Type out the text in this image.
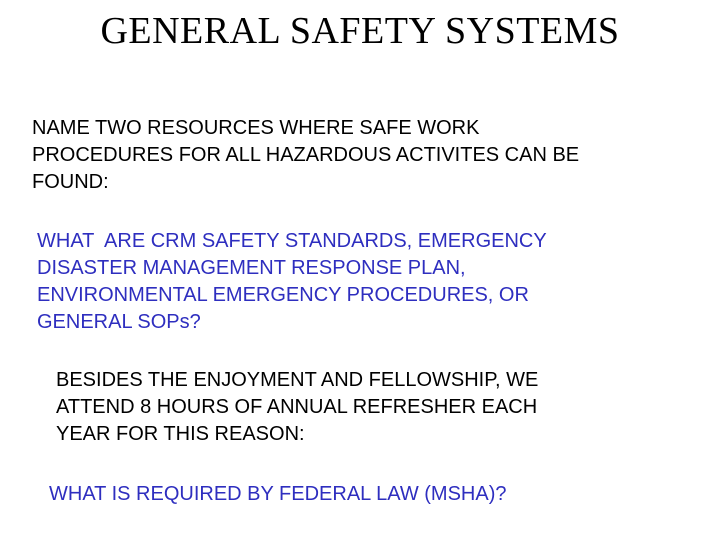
GENERAL SAFETY SYSTEMS
NAME TWO RESOURCES WHERE SAFE WORK
PROCEDURES FOR ALL HAZARDOUS ACTIVITES CAN BE
FOUND:
WHAT  ARE CRM SAFETY STANDARDS, EMERGENCY
DISASTER MANAGEMENT RESPONSE PLAN,
ENVIRONMENTAL EMERGENCY PROCEDURES, OR
GENERAL SOPs?
BESIDES THE ENJOYMENT AND FELLOWSHIP, WE
ATTEND 8 HOURS OF ANNUAL REFRESHER EACH
YEAR FOR THIS REASON:
WHAT IS REQUIRED BY FEDERAL LAW (MSHA)?
